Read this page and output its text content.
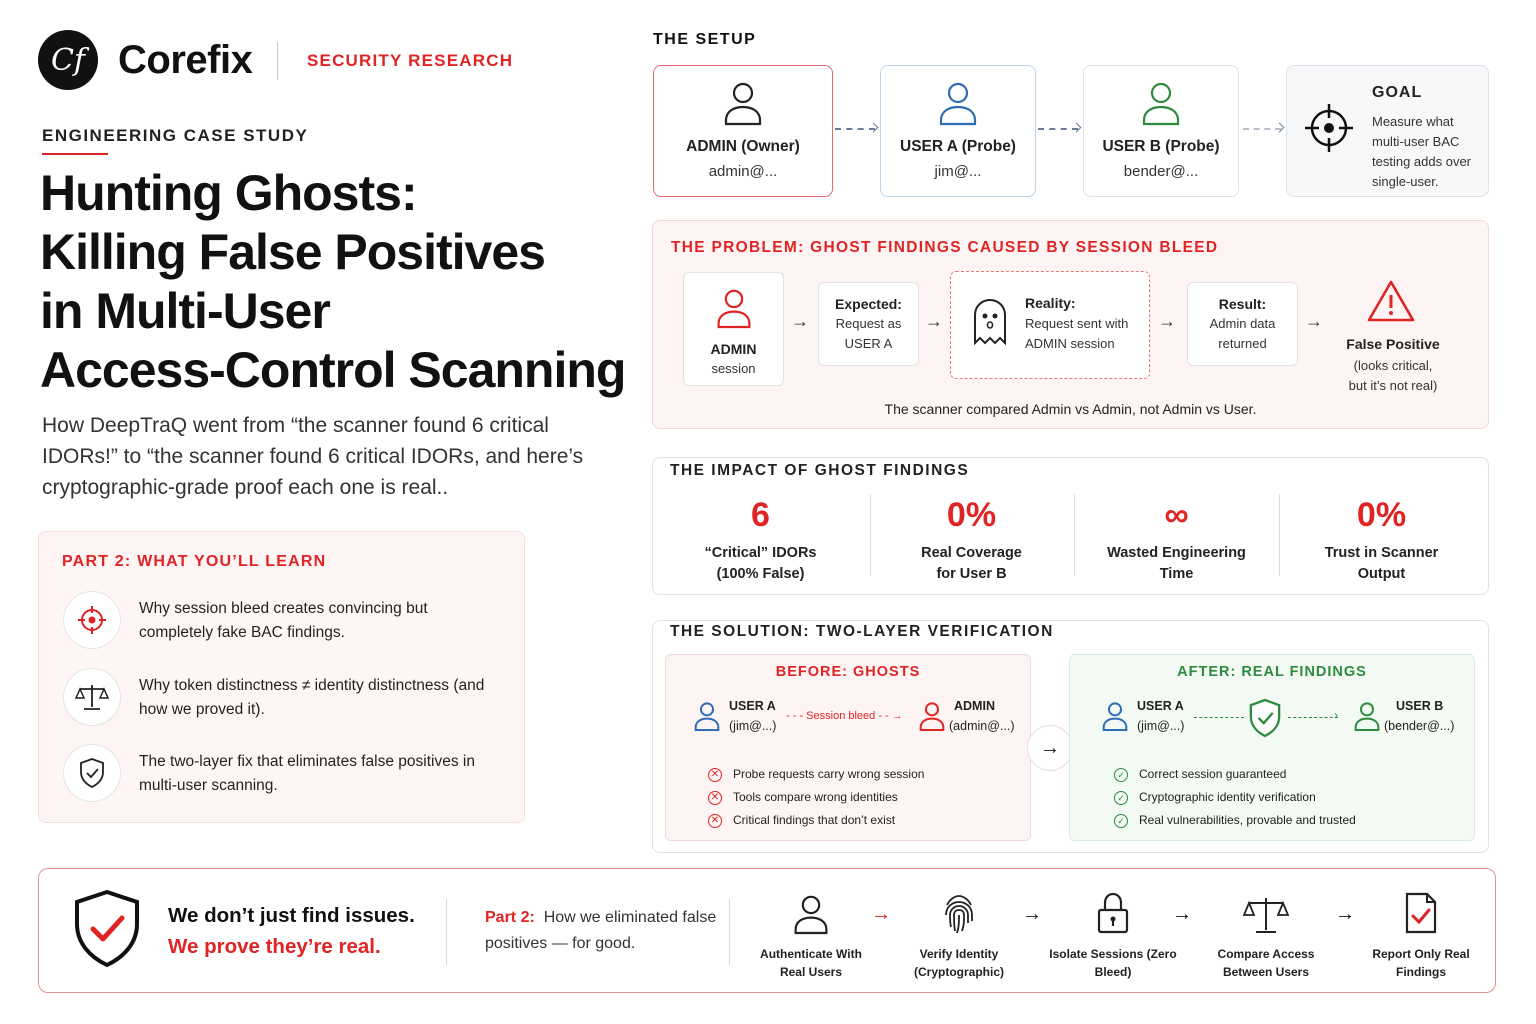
Cf Corefix	SECURITY RESEARCH
ENGINEERING CASE STUDY
Hunting Ghosts:
Killing False Positives
in Multi-User
Access-Control Scanning
How DeepTraQ went from “the scanner found 6 critical IDORs!” to “the scanner found 6 critical IDORs, and here’s cryptographic-grade proof each one is real..
PART 2: WHAT YOU’LL LEARN
Why session bleed creates convincing but completely fake BAC findings.
Why token distinctness ≠ identity distinctness (and how we proved it).
The two-layer fix that eliminates false positives in multi-user scanning.
THE SETUP
ADMIN (Owner)
admin@...
USER A (Probe)
jim@...
USER B (Probe)
bender@...
GOAL
Measure what multi-user BAC testing adds over single-user.
THE PROBLEM: GHOST FINDINGS CAUSED BY SESSION BLEED
ADMIN
session
→
Expected:
Request as USER A
→
Reality:
Request sent with ADMIN session
→
Result:
Admin data returned
→
False Positive
(looks critical, but it’s not real)
The scanner compared Admin vs Admin, not Admin vs User.
THE IMPACT OF GHOST FINDINGS
6
“Critical” IDORs (100% False)
0%
Real Coverage for User B
∞
Wasted Engineering Time
0%
Trust in Scanner Output
THE SOLUTION: TWO-LAYER VERIFICATION
BEFORE: GHOSTS
USER A
(jim@...)
- - - Session bleed - - →
ADMIN
(admin@...)
✕ Probe requests carry wrong session
✕ Tools compare wrong identities
✕ Critical findings that don’t exist
→
AFTER: REAL FINDINGS
USER A
(jim@...)
›
USER B
(bender@...)
✓ Correct session guaranteed
✓ Cryptographic identity verification
✓ Real vulnerabilities, provable and trusted
We don’t just find issues.
We prove they’re real.
Part 2: How we eliminated false positives — for good.
Authenticate With Real Users
→
Verify Identity (Cryptographic)
→
Isolate Sessions (Zero Bleed)
→
Compare Access Between Users
→
Report Only Real Findings
